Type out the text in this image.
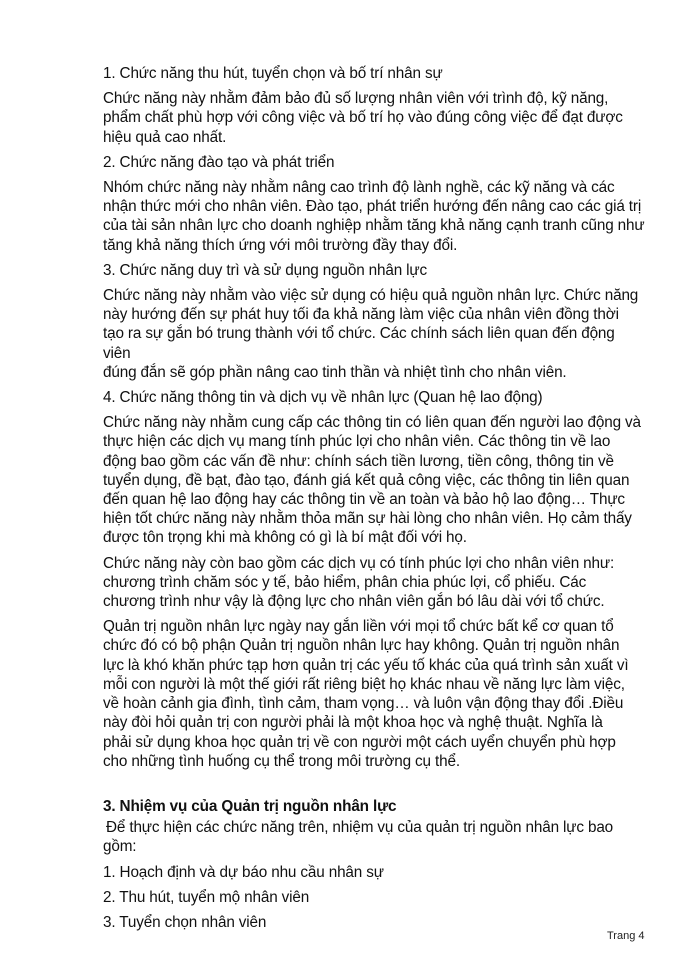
1. Chức năng thu hút, tuyển chọn và bố trí nhân sự
Chức năng này nhằm đảm bảo đủ số lượng nhân viên với trình độ, kỹ năng,
phẩm chất phù hợp với công việc và bố trí họ vào đúng công việc để đạt được
hiệu quả cao nhất.
2. Chức năng đào tạo và phát triển
Nhóm chức năng này nhằm nâng cao trình độ lành nghề, các kỹ năng và các
nhận thức mới cho nhân viên. Đào tạo, phát triển hướng đến nâng cao các giá trị
của tài sản nhân lực cho doanh nghiệp nhằm tăng khả năng cạnh tranh cũng như
tăng khả năng thích ứng với môi trường đầy thay đổi.
3. Chức năng duy trì và sử dụng nguồn nhân lực
Chức năng này nhằm vào việc sử dụng có hiệu quả nguồn nhân lực. Chức năng
này hướng đến sự phát huy tối đa khả năng làm việc của nhân viên đồng thời
tạo ra sự gắn bó trung thành với tổ chức. Các chính sách liên quan đến động
viên
đúng đắn sẽ góp phần nâng cao tinh thần và nhiệt tình cho nhân viên.
4. Chức năng thông tin và dịch vụ về nhân lực (Quan hệ lao động)
Chức năng này nhằm cung cấp các thông tin có liên quan đến người lao động và
thực hiện các dịch vụ mang tính phúc lợi cho nhân viên. Các thông tin về lao
động bao gồm các vấn đề như: chính sách tiền lương, tiền công, thông tin về
tuyển dụng, đề bạt, đào tạo, đánh giá kết quả công việc, các thông tin liên quan
đến quan hệ lao động hay các thông tin về an toàn và bảo hộ lao động… Thực
hiện tốt chức năng này nhằm thỏa mãn sự hài lòng cho nhân viên. Họ cảm thấy
được tôn trọng khi mà không có gì là bí mật đối với họ.
Chức năng này còn bao gồm các dịch vụ có tính phúc lợi cho nhân viên như:
chương trình chăm sóc y tế, bảo hiểm, phân chia phúc lợi, cổ phiếu. Các
chương trình như vậy là động lực cho nhân viên gắn bó lâu dài với tổ chức.
Quản trị nguồn nhân lực ngày nay gắn liền với mọi tổ chức bất kể cơ quan tổ
chức đó có bộ phận Quản trị nguồn nhân lực hay không. Quản trị nguồn nhân
lực là khó khăn phức tạp hơn quản trị các yếu tố khác của quá trình sản xuất vì
mỗi con người là một thế giới rất riêng biệt họ khác nhau về năng lực làm việc,
về hoàn cảnh gia đình, tình cảm, tham vọng… và luôn vận động thay đổi .Điều
này đòi hỏi quản trị con người phải là một khoa học và nghệ thuật. Nghĩa là
phải sử dụng khoa học quản trị về con người một cách uyển chuyển phù hợp
cho những tình huống cụ thể trong môi trường cụ thể.
3. Nhiệm vụ của Quản trị nguồn nhân lực
Để thực hiện các chức năng trên, nhiệm vụ của quản trị nguồn nhân lực bao
gồm:
1. Hoạch định và dự báo nhu cầu nhân sự
2. Thu hút, tuyển mộ nhân viên
3. Tuyển chọn nhân viên
Trang 4
